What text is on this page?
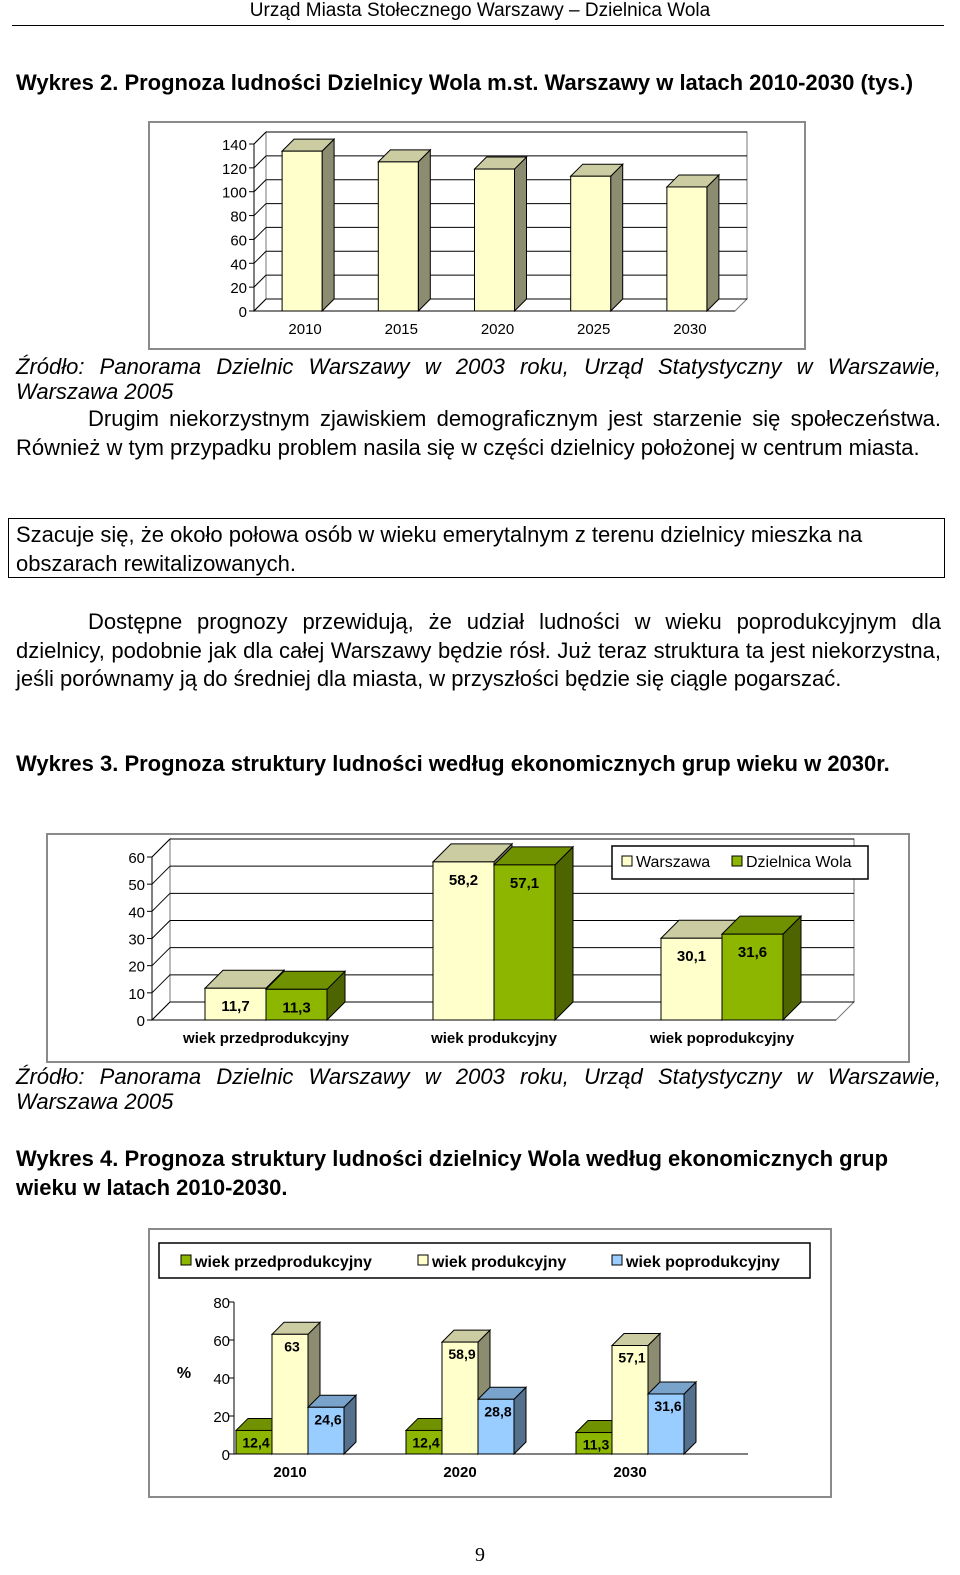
Urząd Miasta Stołecznego Warszawy – Dzielnica Wola
Wykres 2. Prognoza ludności Dzielnicy Wola m.st. Warszawy w latach 2010-2030 (tys.)
0
20
40
60
80
100
120
140
2010	2015	2020	2025	2030
Źródło: Panorama Dzielnic Warszawy w 2003 roku, Urząd Statystyczny w Warszawie, Warszawa 2005
Drugim niekorzystnym zjawiskiem demograficznym jest starzenie się społeczeństwa. Również w tym przypadku problem nasila się w części dzielnicy położonej w centrum miasta.

Szacuje się, że około połowa osób w wieku emerytalnym z terenu dzielnicy mieszka na obszarach rewitalizowanych.

Dostępne prognozy przewidują, że udział ludności w wieku poprodukcyjnym dla dzielnicy, podobnie jak dla całej Warszawy będzie rósł. Już teraz struktura ta jest niekorzystna, jeśli porównamy ją do średniej dla miasta, w przyszłości będzie się ciągle pogarszać.
Wykres 3. Prognoza struktury ludności według ekonomicznych grup wieku w 2030r.
0
10
20
30
40
50
60
11,7 11,3
58,2 57,1
30,1 31,6
wiek przedprodukcyjny	wiek produkcyjny	wiek poprodukcyjny
Warszawa Dzielnica Wola
Źródło: Panorama Dzielnic Warszawy w 2003 roku, Urząd Statystyczny w Warszawie, Warszawa 2005
Wykres 4. Prognoza struktury ludności dzielnicy Wola według ekonomicznych grup wieku w latach 2010-2030.
wiek przedprodukcyjny	wiek produkcyjny	wiek poprodukcyjny
%
0
20
40
60
80
12,4
63
24,6
12,4
58,9
28,8
11,3
57,1
31,6
2010	2020	2030
9
